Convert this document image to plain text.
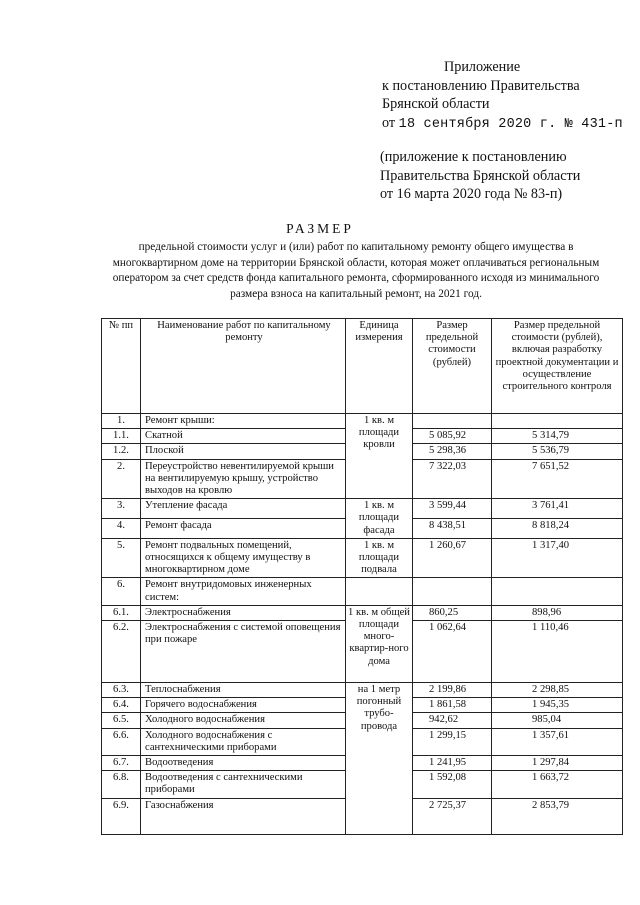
Приложение
к постановлению Правительства
Брянской области
от 18 сентября 2020 г. № 431-п
(приложение к постановлению
Правительства Брянской области
от 16 марта 2020 года № 83-п)
РАЗМЕР
предельной стоимости услуг и (или) работ по капитальному ремонту общего имущества в многоквартирном доме на территории Брянской области, которая может оплачиваться региональным оператором за счет средств фонда капитального ремонта, сформированного исходя из минимального размера взноса на капитальный ремонт, на 2021 год.
№ пп	Наименование работ по капитальному ремонту	Единица измерения	Размер предельной стоимости (рублей)	Размер предельной стоимости (рублей), включая разработку проектной документации и осуществление строительного контроля
1.	Ремонт крыши:	1 кв. м площади кровли		
1.1.	Скатной		5 085,92	5 314,79
1.2.	Плоской		5 298,36	5 536,79
2.	Переустройство невентилируемой крыши на вентилируемую крышу, устройство выходов на кровлю		7 322,03	7 651,52
3.	Утепление фасада	1 кв. м площади фасада	3 599,44	3 761,41
4.	Ремонт фасада		8 438,51	8 818,24
5.	Ремонт подвальных помещений, относящихся к общему имуществу в многоквартирном доме	1 кв. м площади подвала	1 260,67	1 317,40
6.	Ремонт внутридомовых инженерных систем:			
6.1.	Электроснабжения	1 кв. м общей площади много-квартир-ного дома	860,25	898,96
6.2.	Электроснабжения с системой оповещения при пожаре		1 062,64	1 110,46
6.3.	Теплоснабжения	на 1 метр погонный трубо-провода	2 199,86	2 298,85
6.4.	Горячего водоснабжения		1 861,58	1 945,35
6.5.	Холодного водоснабжения		942,62	985,04
6.6.	Холодного водоснабжения с сантехническими приборами		1 299,15	1 357,61
6.7.	Водоотведения		1 241,95	1 297,84
6.8.	Водоотведения с сантехническими приборами		1 592,08	1 663,72
6.9.	Газоснабжения		2 725,37	2 853,79
